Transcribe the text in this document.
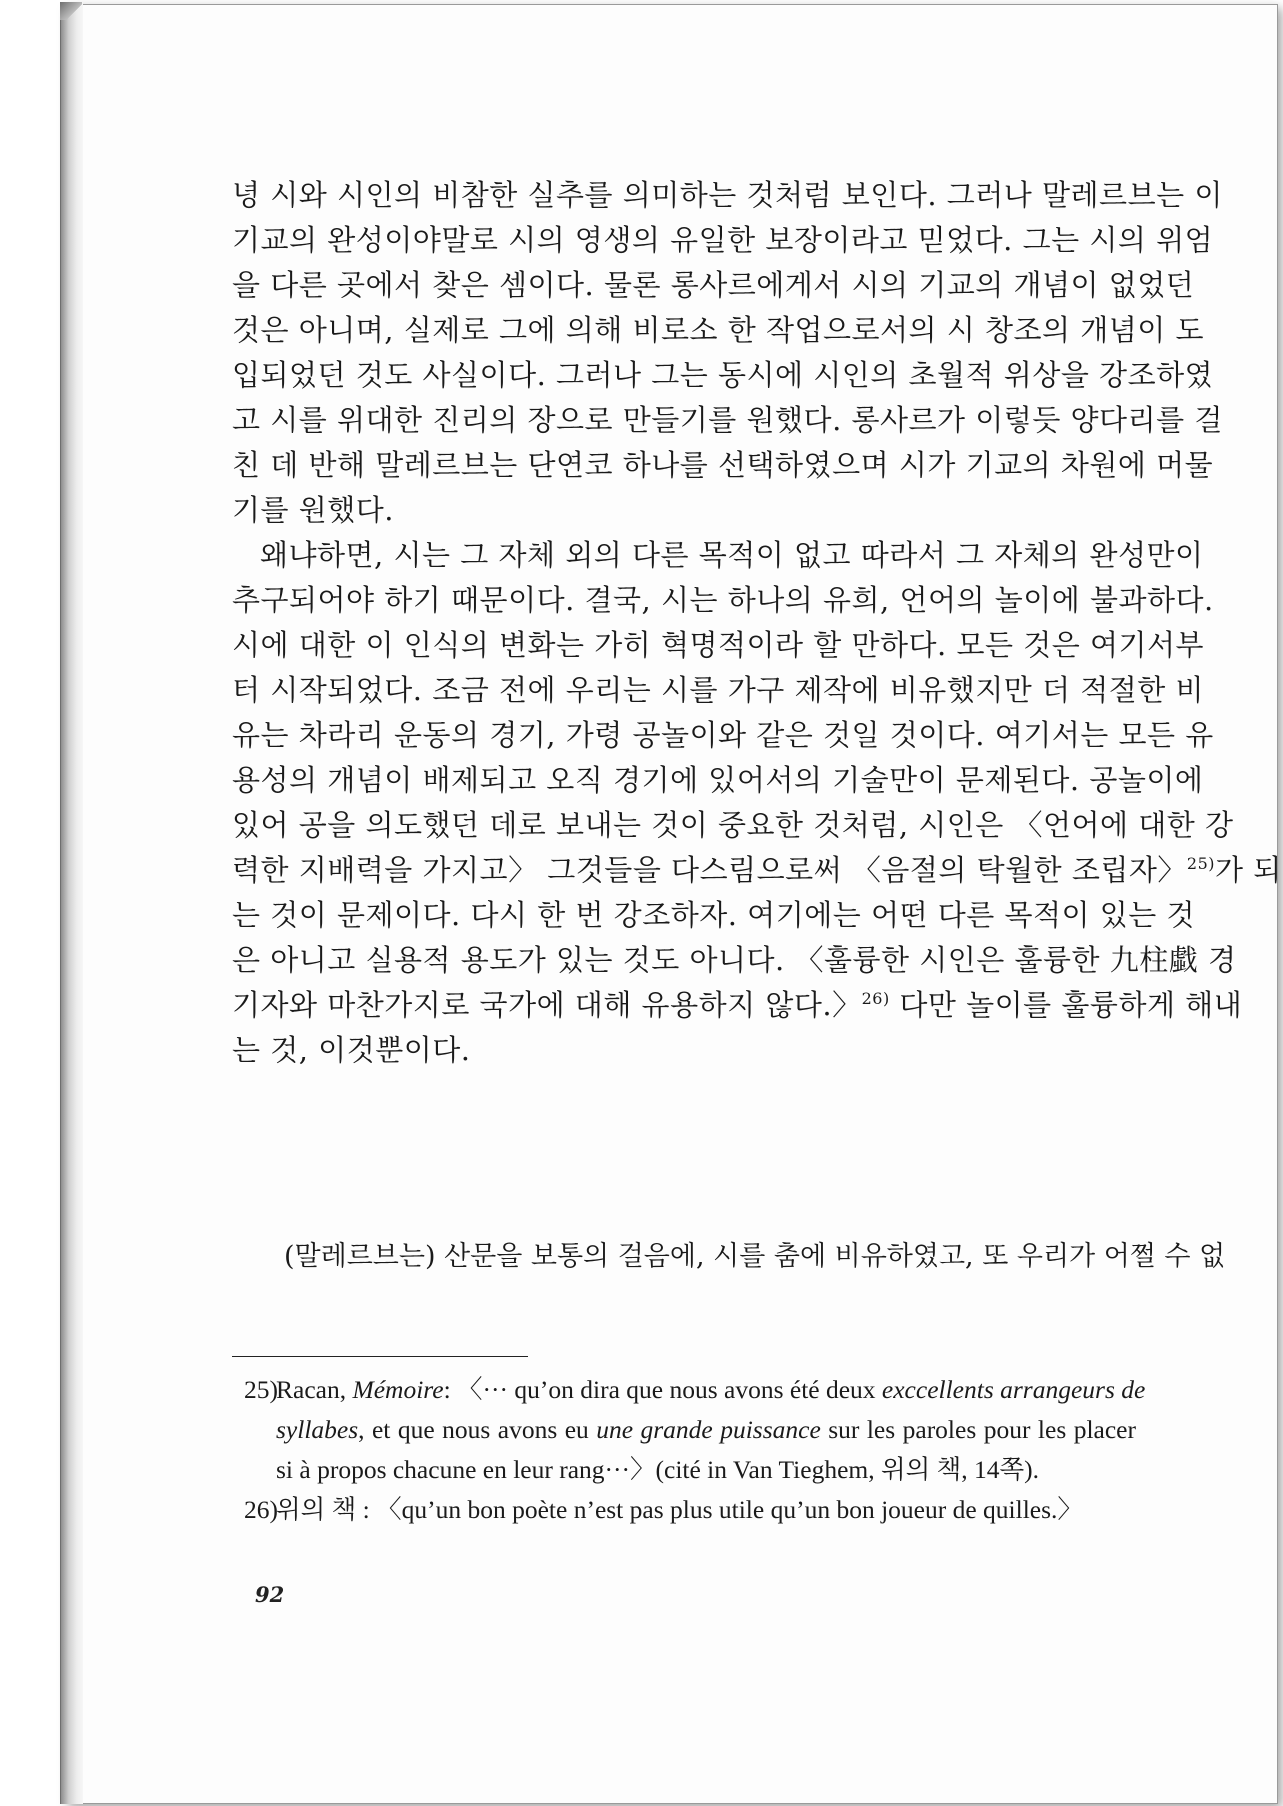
녕 시와 시인의 비참한 실추를 의미하는 것처럼 보인다. 그러나 말레르브는 이
기교의 완성이야말로 시의 영생의 유일한 보장이라고 믿었다. 그는 시의 위엄
을 다른 곳에서 찾은 셈이다. 물론 롱사르에게서 시의 기교의 개념이 없었던
것은 아니며, 실제로 그에 의해 비로소 한 작업으로서의 시 창조의 개념이 도
입되었던 것도 사실이다. 그러나 그는 동시에 시인의 초월적 위상을 강조하였
고 시를 위대한 진리의 장으로 만들기를 원했다. 롱사르가 이렇듯 양다리를 걸
친 데 반해 말레르브는 단연코 하나를 선택하였으며 시가 기교의 차원에 머물
기를 원했다.
왜냐하면, 시는 그 자체 외의 다른 목적이 없고 따라서 그 자체의 완성만이
추구되어야 하기 때문이다. 결국, 시는 하나의 유희, 언어의 놀이에 불과하다.
시에 대한 이 인식의 변화는 가히 혁명적이라 할 만하다. 모든 것은 여기서부
터 시작되었다. 조금 전에 우리는 시를 가구 제작에 비유했지만 더 적절한 비
유는 차라리 운동의 경기, 가령 공놀이와 같은 것일 것이다. 여기서는 모든 유
용성의 개념이 배제되고 오직 경기에 있어서의 기술만이 문제된다. 공놀이에
있어 공을 의도했던 데로 보내는 것이 중요한 것처럼, 시인은 〈언어에 대한 강
력한 지배력을 가지고〉 그것들을 다스림으로써 〈음절의 탁월한 조립자〉$^{25)}$가 되
는 것이 문제이다. 다시 한 번 강조하자. 여기에는 어떤 다른 목적이 있는 것
은 아니고 실용적 용도가 있는 것도 아니다. 〈훌륭한 시인은 훌륭한 九柱戱 경
기자와 마찬가지로 국가에 대해 유용하지 않다.〉$^{26)}$ 다만 놀이를 훌륭하게 해내
는 것, 이것뿐이다.
(말레르브는) 산문을 보통의 걸음에, 시를 춤에 비유하였고, 또 우리가 어쩔 수 없
25)Racan, Mémoire: 〈··· qu’on dira que nous avons été deux exccellents arrangeurs de
syllabes, et que nous avons eu une grande puissance sur les paroles pour les placer
si à propos chacune en leur rang···〉(cité in Van Tieghem, 위의 책, 14쪽).
26)위의 책 : 〈qu’un bon poète n’est pas plus utile qu’un bon joueur de quilles.〉
92
